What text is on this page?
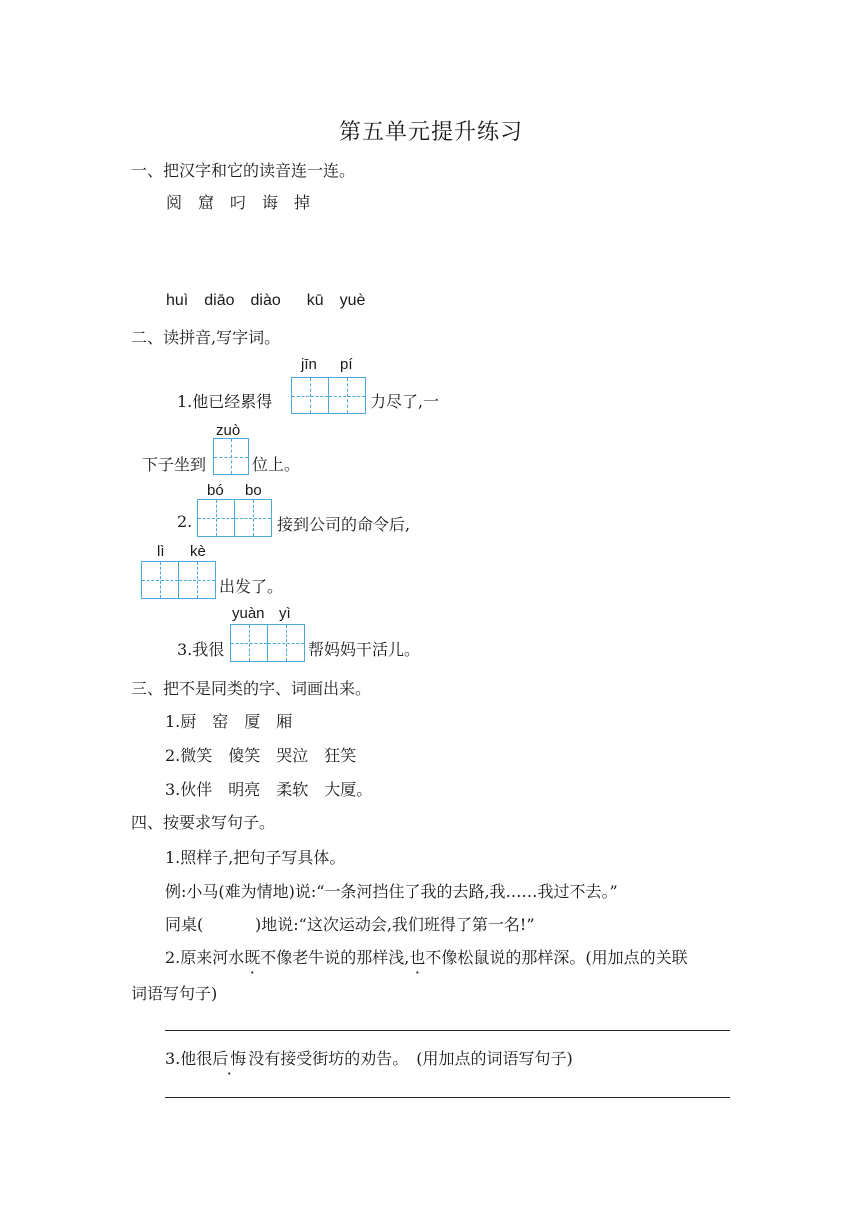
第五单元提升练习
一、把汉字和它的读音连一连。
阅 窟 叼 诲 掉
huì diāo diào kū yuè
二、读拼音,写字词。
jīn pí
1.他已经累得	力尽了,一
zuò
下子坐到	位上。
bó bo
2.	接到公司的命令后,
lì kè
出发了。
yuàn yì
3.我很	帮妈妈干活儿。
三、把不是同类的字、词画出来。
1.厨　窑　厦　厢
2.微笑　傻笑　哭泣　狂笑
3.伙伴　明亮　柔软　大厦。
四、按要求写句子。
1.照样子,把句子写具体。
例:小马(难为情地)说:“一条河挡住了我的去路,我……我过不去。”
同桌(	)地说:“这次运动会,我们班得了第一名!”
2.原来河水既不像老牛说的那样浅,也不像松鼠说的那样深。(用加点的关联
词语写句子)
3.他很后悔没有接受街坊的劝告。　(用加点的词语写句子)
